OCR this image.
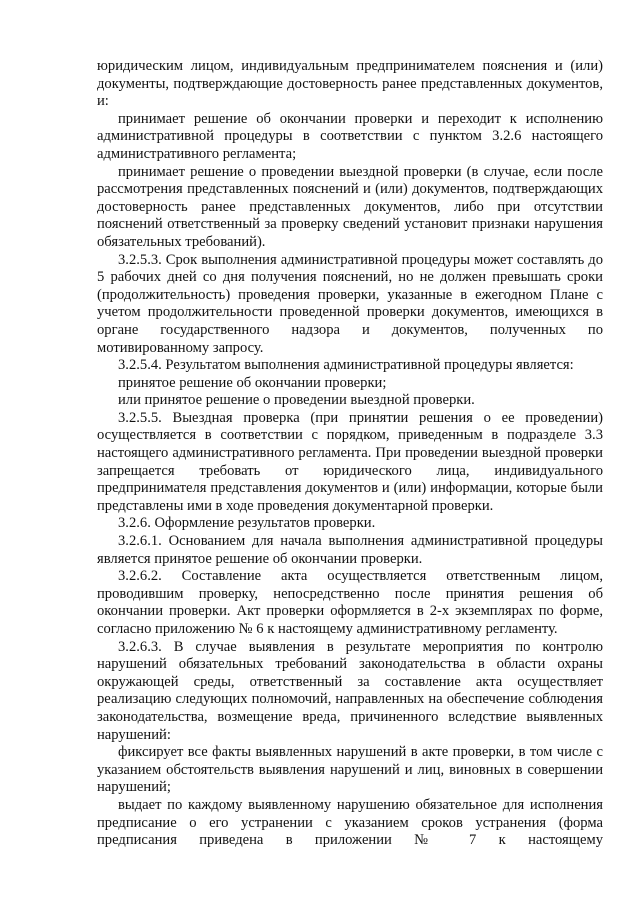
юридическим лицом, индивидуальным предпринимателем пояснения и (или) документы, подтверждающие достоверность ранее представленных документов, и:

принимает решение об окончании проверки и переходит к исполнению административной процедуры в соответствии с пунктом 3.2.6 настоящего административного регламента;

принимает решение о проведении выездной проверки (в случае, если после рассмотрения представленных пояснений и (или) документов, подтверждающих достоверность ранее представленных документов, либо при отсутствии пояснений ответственный за проверку сведений установит признаки нарушения обязательных требований).

3.2.5.3. Срок выполнения административной процедуры может составлять до 5 рабочих дней со дня получения пояснений, но не должен превышать сроки (продолжительность) проведения проверки, указанные в ежегодном Плане с учетом продолжительности проведенной проверки документов, имеющихся в органе государственного надзора и документов, полученных по мотивированному запросу.

3.2.5.4. Результатом выполнения административной процедуры является:

принятое решение об окончании проверки;

или принятое решение о проведении выездной проверки.

3.2.5.5. Выездная проверка (при принятии решения о ее проведении) осуществляется в соответствии с порядком, приведенным в подразделе 3.3 настоящего административного регламента. При проведении выездной проверки запрещается требовать от юридического лица, индивидуального предпринимателя представления документов и (или) информации, которые были представлены ими в ходе проведения документарной проверки.

3.2.6. Оформление результатов проверки.

3.2.6.1. Основанием для начала выполнения административной процедуры является принятое решение об окончании проверки.

3.2.6.2. Составление акта осуществляется ответственным лицом, проводившим проверку, непосредственно после принятия решения об окончании проверки. Акт проверки оформляется в 2-х экземплярах по форме, согласно приложению № 6 к настоящему административному регламенту.

3.2.6.3. В случае выявления в результате мероприятия по контролю нарушений обязательных требований законодательства в области охраны окружающей среды, ответственный за составление акта осуществляет реализацию следующих полномочий, направленных на обеспечение соблюдения законодательства, возмещение вреда, причиненного вследствие выявленных нарушений:

фиксирует все факты выявленных нарушений в акте проверки, в том числе с указанием обстоятельств выявления нарушений и лиц, виновных в совершении нарушений;

выдает по каждому выявленному нарушению обязательное для исполнения предписание о его устранении с указанием сроков устранения (форма предписания приведена в приложении № 7 к настоящему
